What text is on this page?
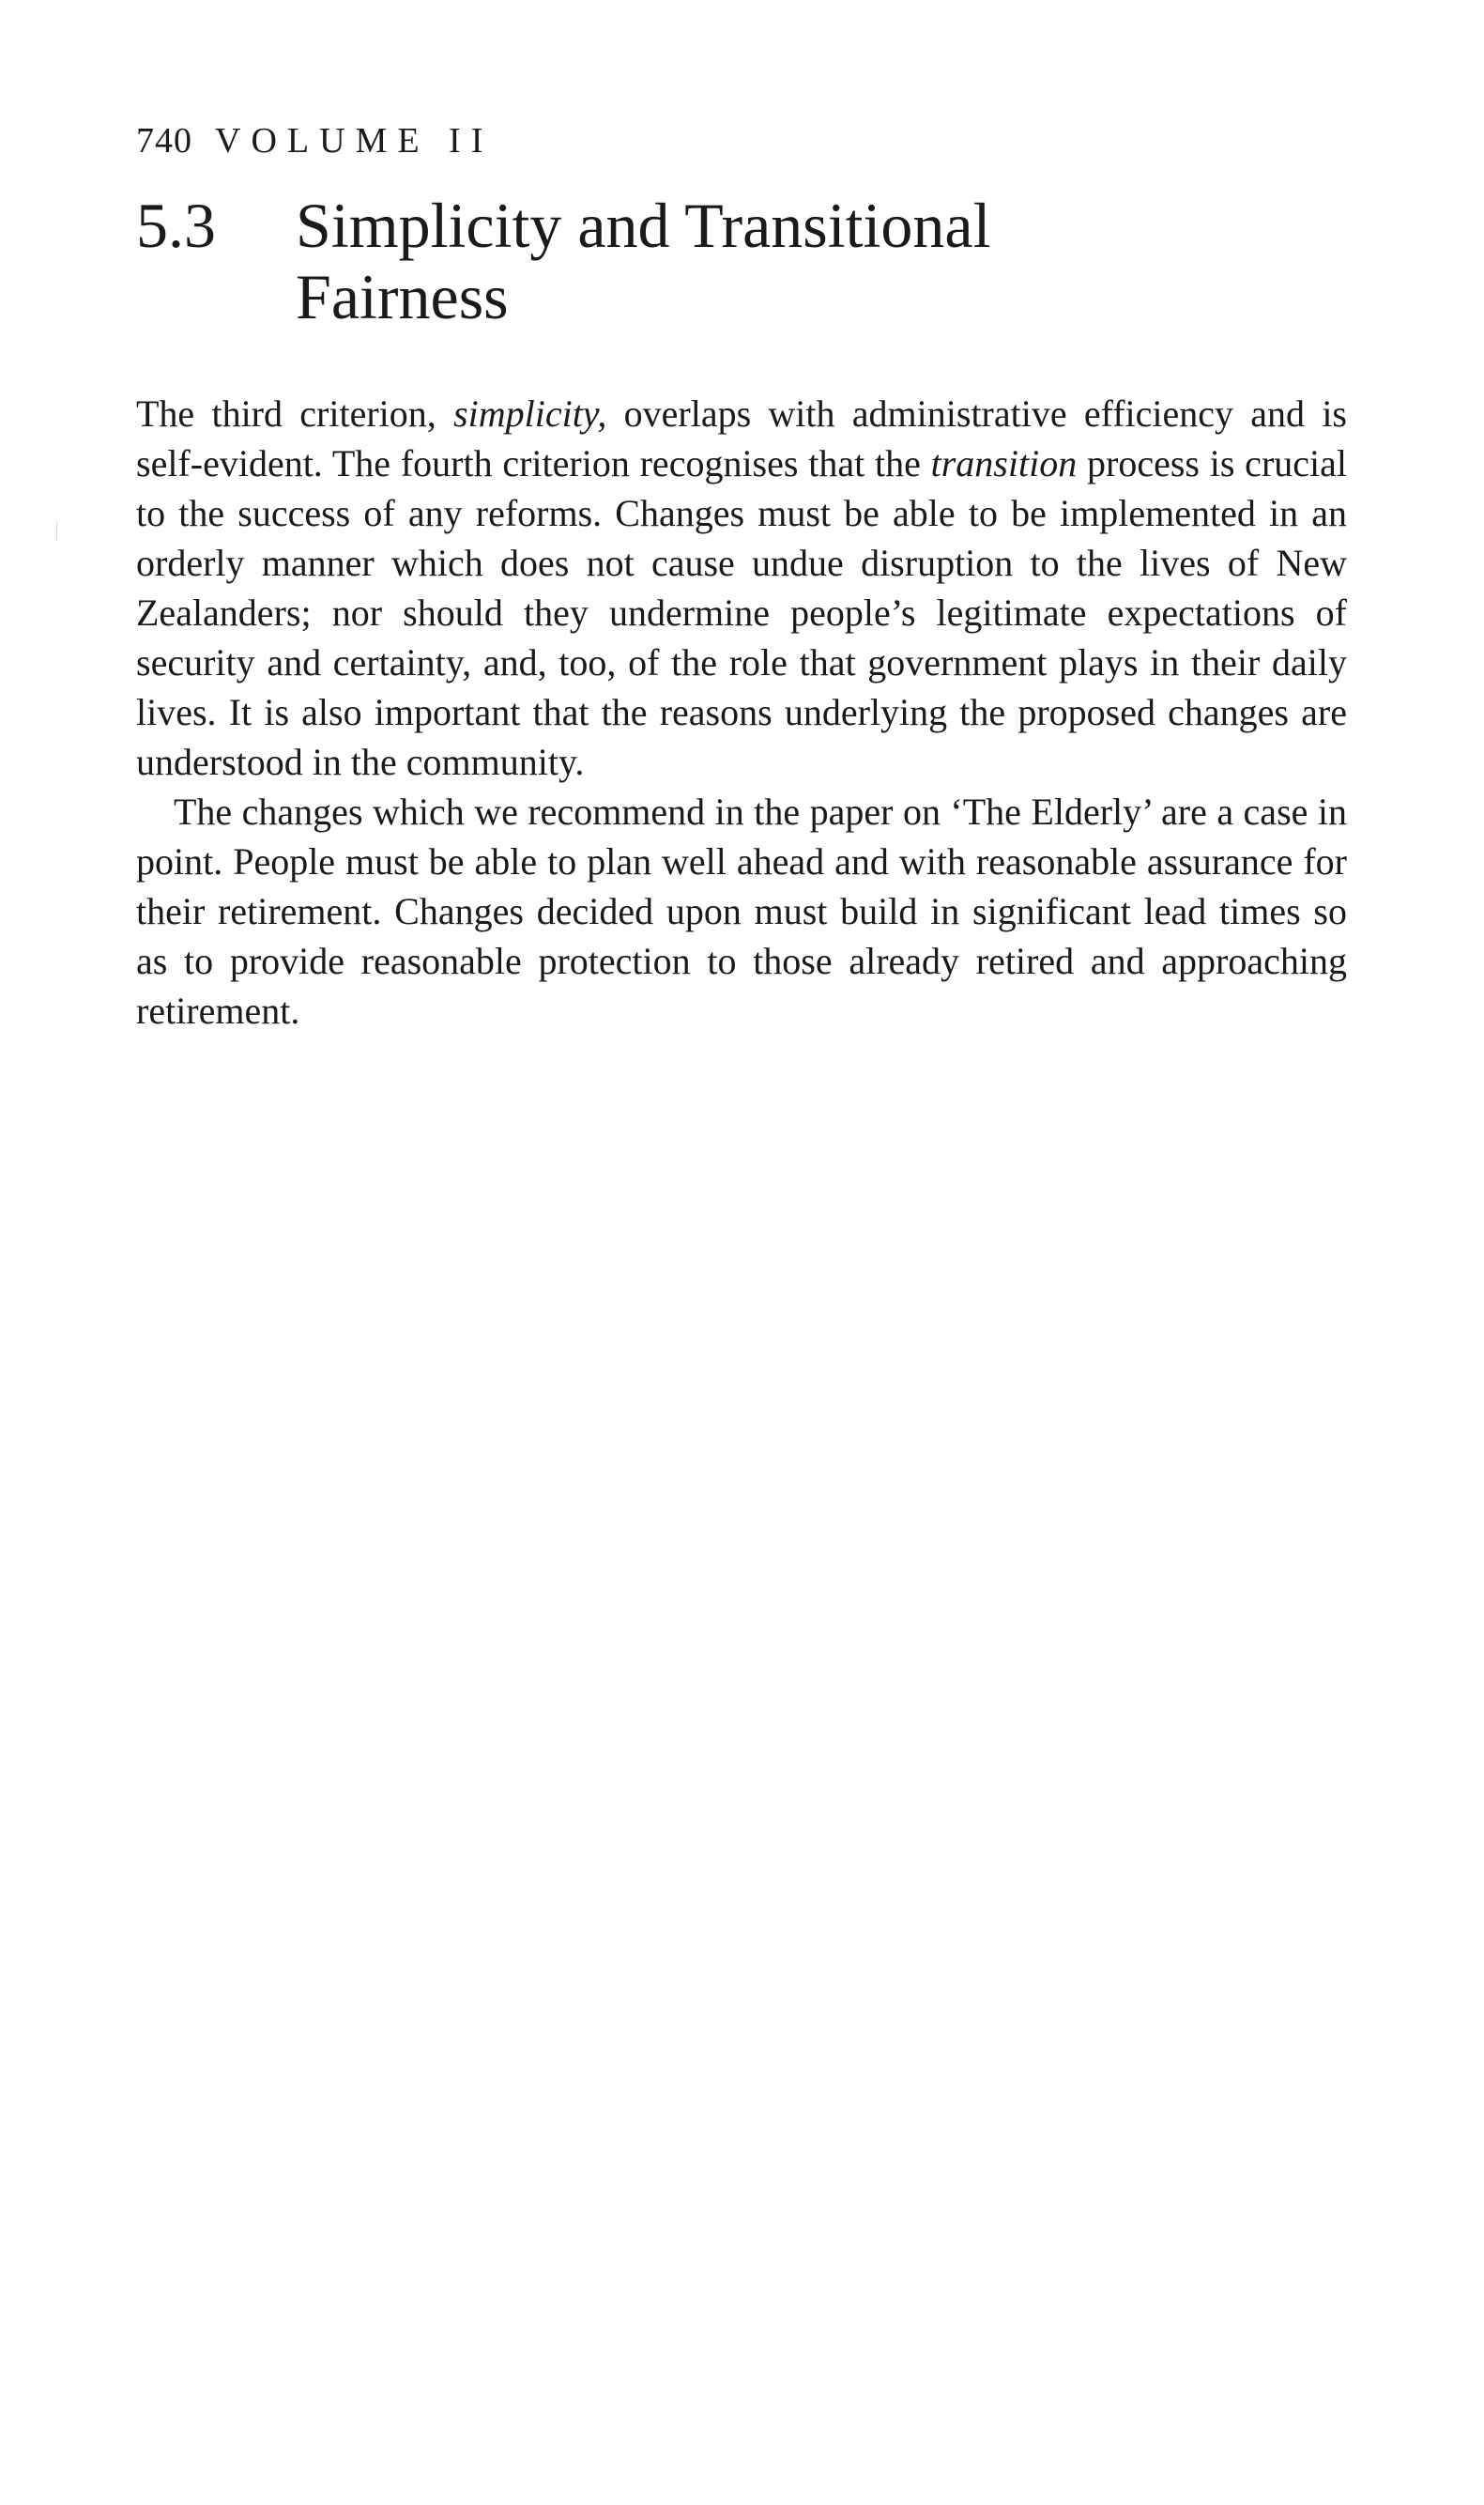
740 VOLUME II
5.3 Simplicity and Transitional
Fairness

The third criterion, simplicity, overlaps with administrative efficiency and is self-evident. The fourth criterion recognises that the transition process is crucial to the success of any reforms. Changes must be able to be implemented in an orderly manner which does not cause undue disruption to the lives of New Zealanders; nor should they undermine people’s legitimate expectations of security and certainty, and, too, of the role that government plays in their daily lives. It is also important that the reasons underlying the proposed changes are understood in the community.

The changes which we recommend in the paper on ‘The Elderly’ are a case in point. People must be able to plan well ahead and with reasonable assurance for their retirement. Changes decided upon must build in significant lead times so as to provide reasonable protection to those already retired and approaching retirement.
